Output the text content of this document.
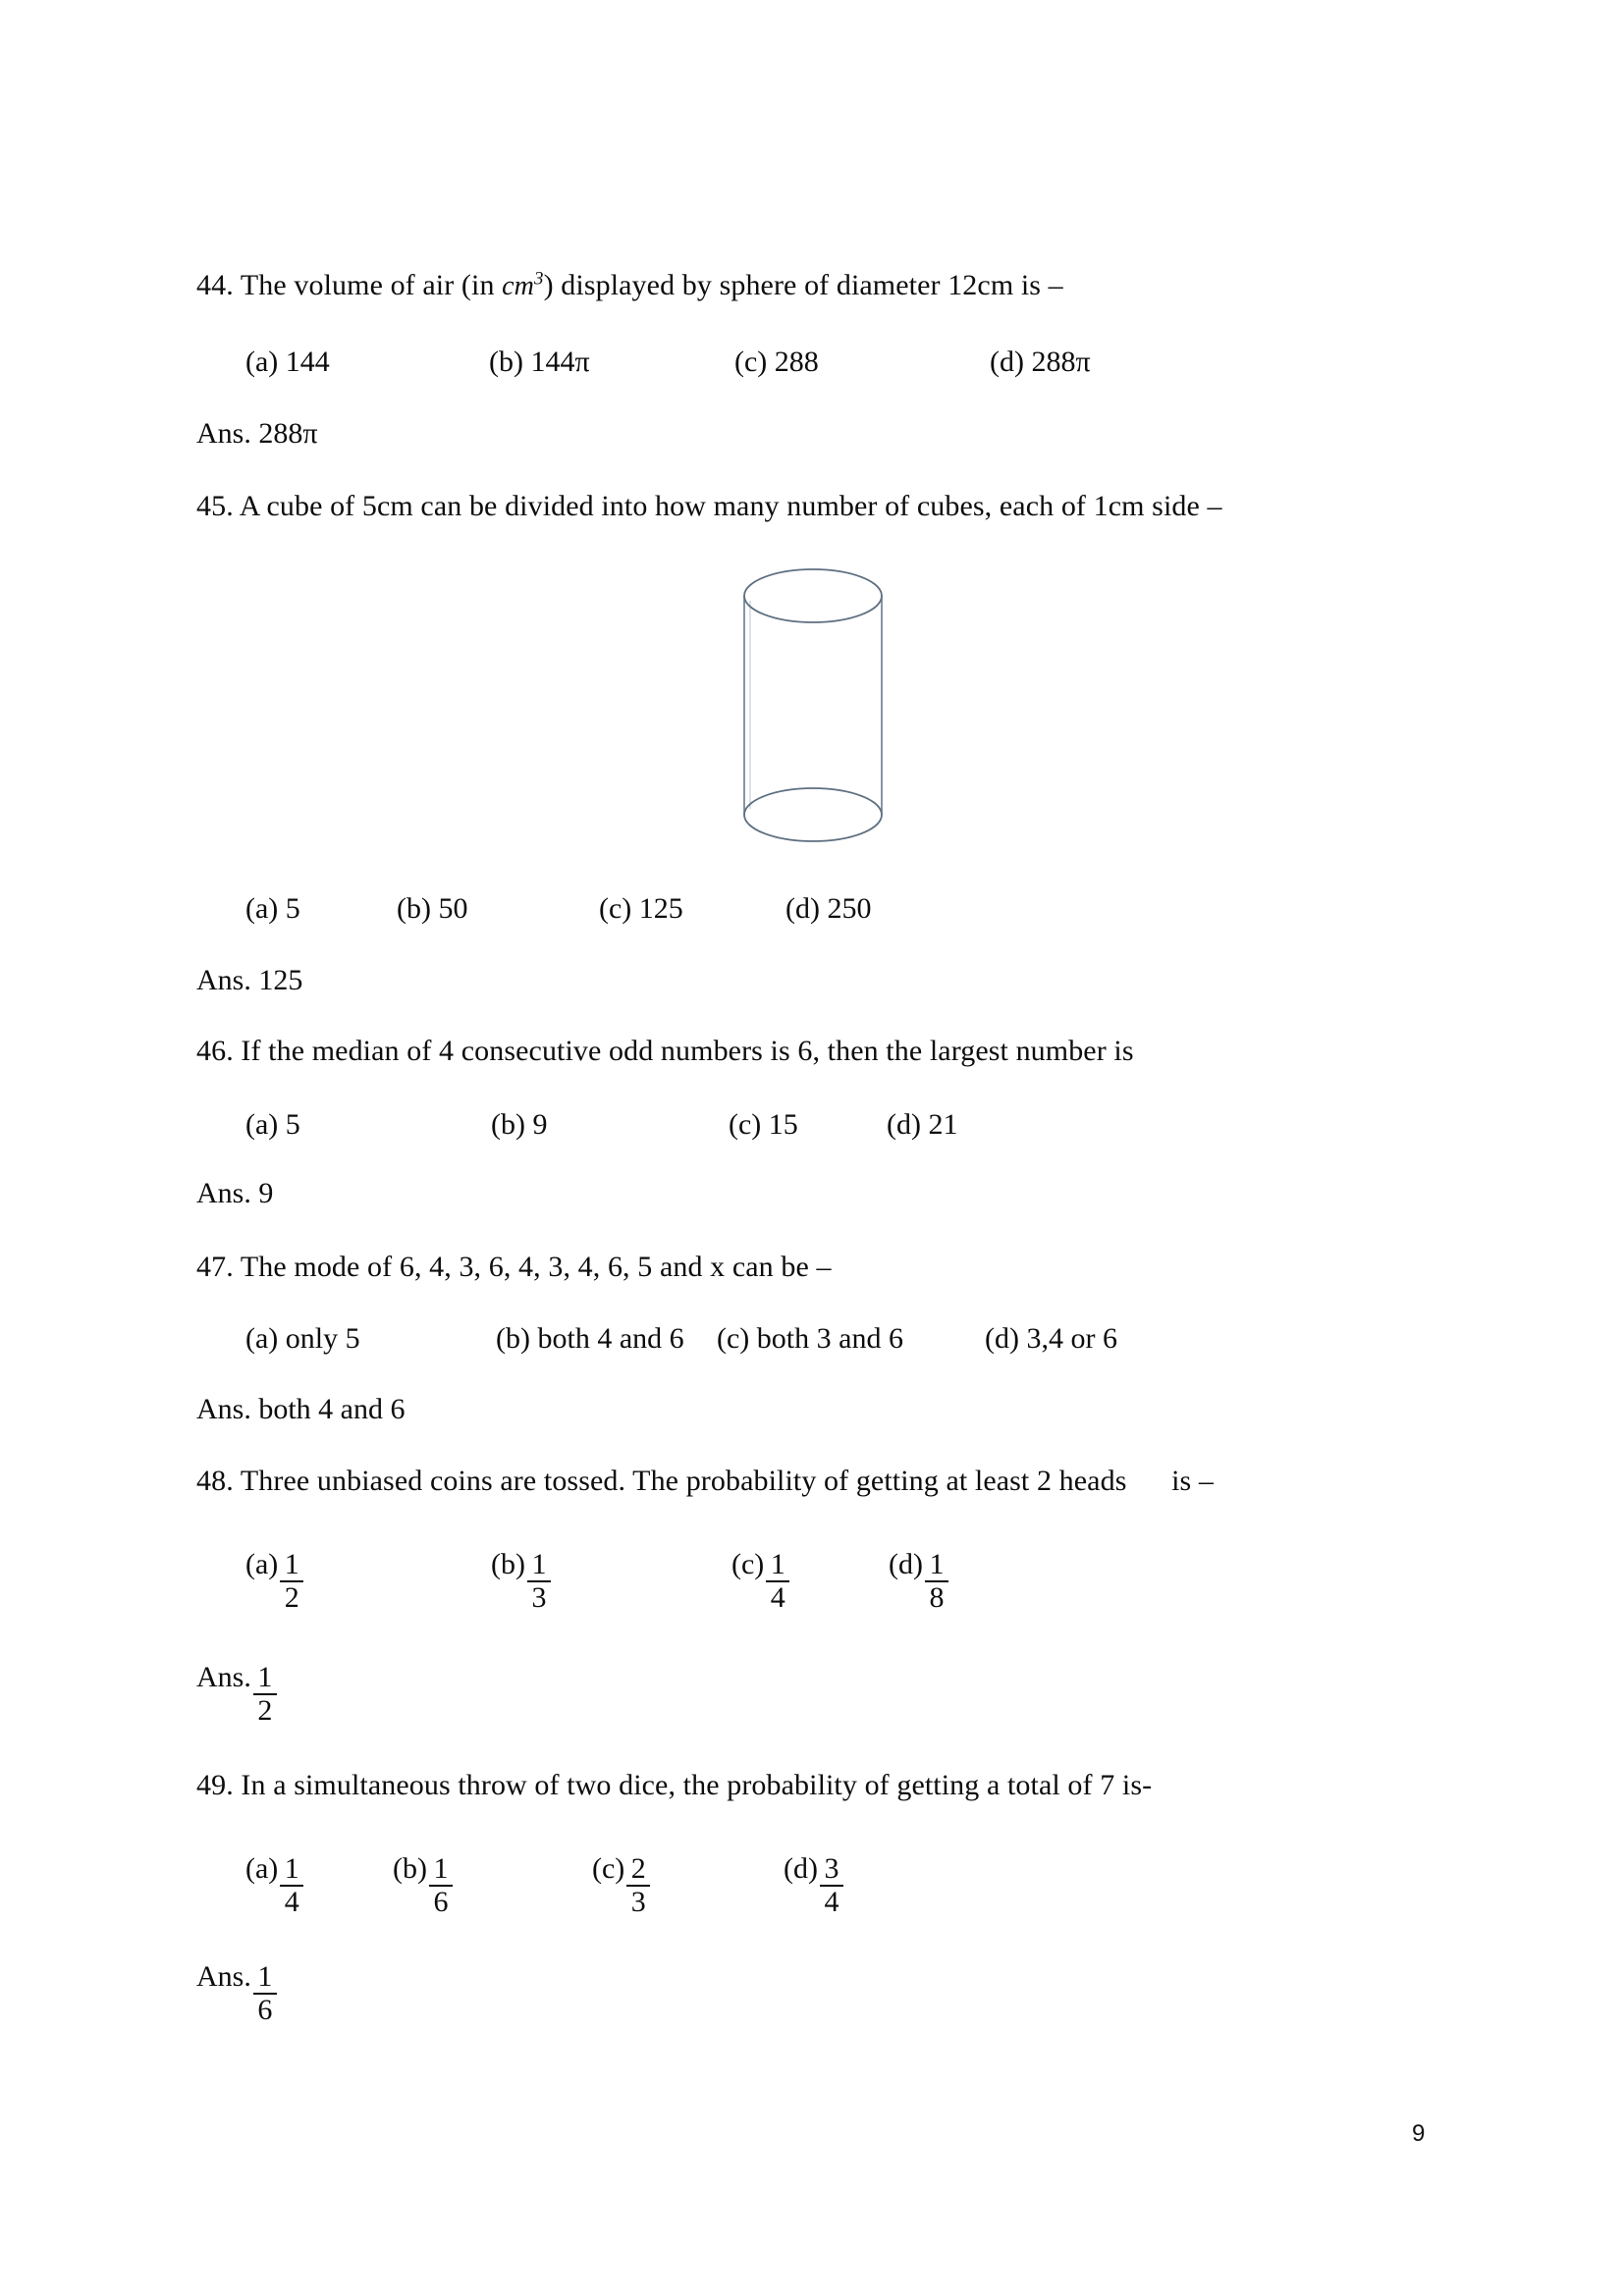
44. The volume of air (in $cm^3$) displayed by sphere of diameter 12cm is –
(a) 144	(b) 144π	(c) 288	(d) 288π
Ans. 288π
45. A cube of 5cm can be divided into how many number of cubes, each of 1cm side –
(a) 5	(b) 50	(c) 125	(d) 250
Ans. 125
46. If the median of 4 consecutive odd numbers is 6, then the largest number is
(a) 5	(b) 9	(c) 15	(d) 21
Ans. 9
47. The mode of 6, 4, 3, 6, 4, 3, 4, 6, 5 and x can be –
(a) only 5	(b) both 4 and 6 (c) both 3 and 6	(d) 3,4 or 6
Ans. both 4 and 6
48. Three unbiased coins are tossed. The probability of getting at least 2 heads is –
$(a) \frac{1}{2}$	$(b) \frac{1}{3}$	$(c) \frac{1}{4}$	$(d) \frac{1}{8}$
Ans. $\frac{1}{2}$
49. In a simultaneous throw of two dice, the probability of getting a total of 7 is-
$(a) \frac{1}{4}$	$(b) \frac{1}{6}$	$(c) \frac{2}{3}$	$(d) \frac{3}{4}$
Ans. $\frac{1}{6}$
9
